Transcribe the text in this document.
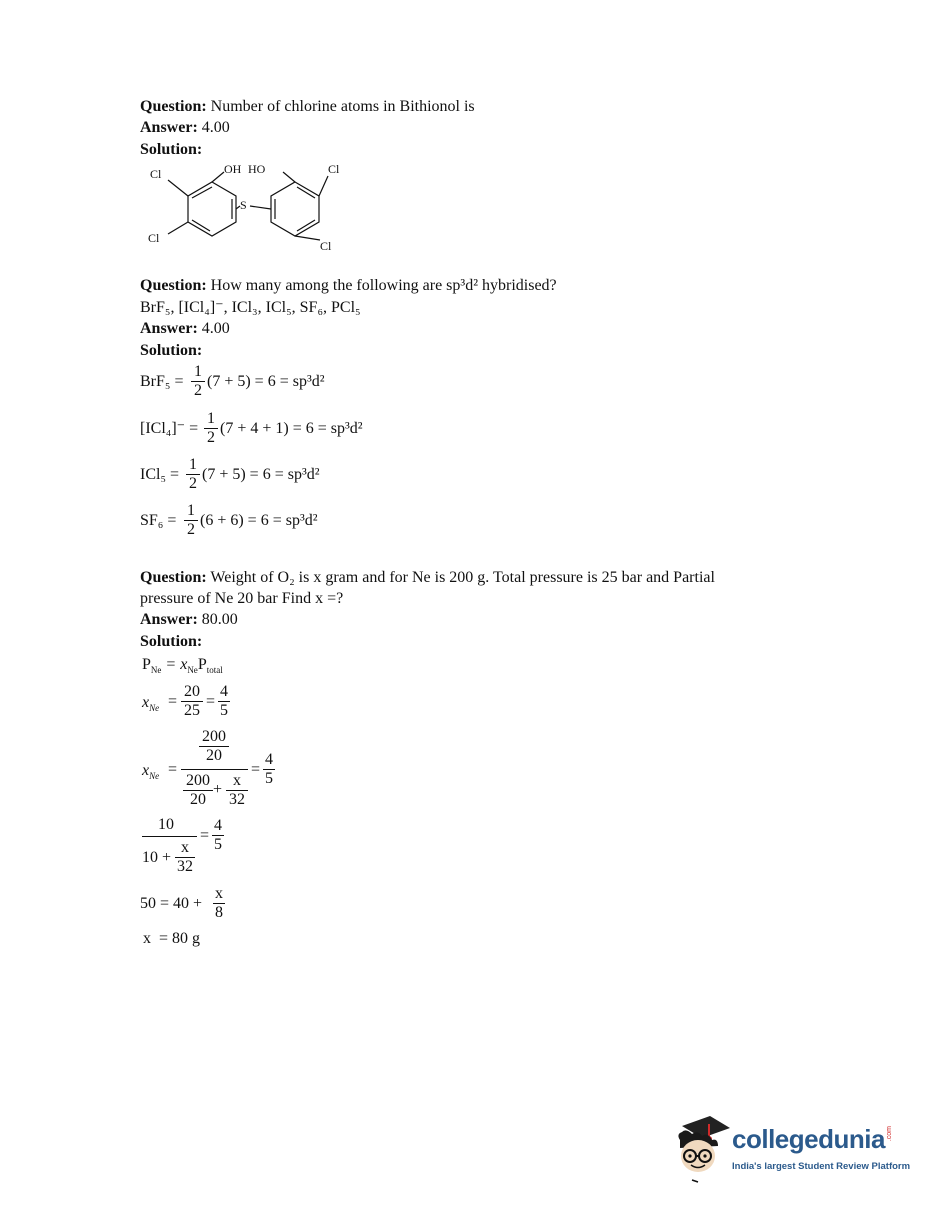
Question: Number of chlorine atoms in Bithionol is
Answer: 4.00
Solution:
Cl	OH HO	Cl
S
Cl
Cl
Question: How many among the following are sp³d² hybridised?
BrF₅, [ICl₄]⁻, ICl₃, ICl₅, SF₆, PCl₅
Answer: 4.00
Solution:
BrF₅ =
1
2
(7 + 5) = 6 = sp³d²
[ICl₄]⁻ =
1
2
(7 + 4 + 1) = 6 = sp³d²
ICl₅ =
1
2
(7 + 5) = 6 = sp³d²
SF₆ =
1
2
(6 + 6) = 6 = sp³d²
Question: Weight of O₂ is x gram and for Ne is 200 g. Total pressure is 25 bar and Partial
pressure of Ne 20 bar Find x =?
Answer: 80.00
Solution:
$P_{Ne} = x_{Ne}P_{total}$
$x_{Ne}$ =
20
25
=
4
5
$x_{Ne}$ =
200
20
200
20
+
x
32
=
4
5
10
10 +
x
32
=
4
5
50 = 40 +
x
8
x  = 80 g
collegedunia .com
India's largest Student Review Platform
